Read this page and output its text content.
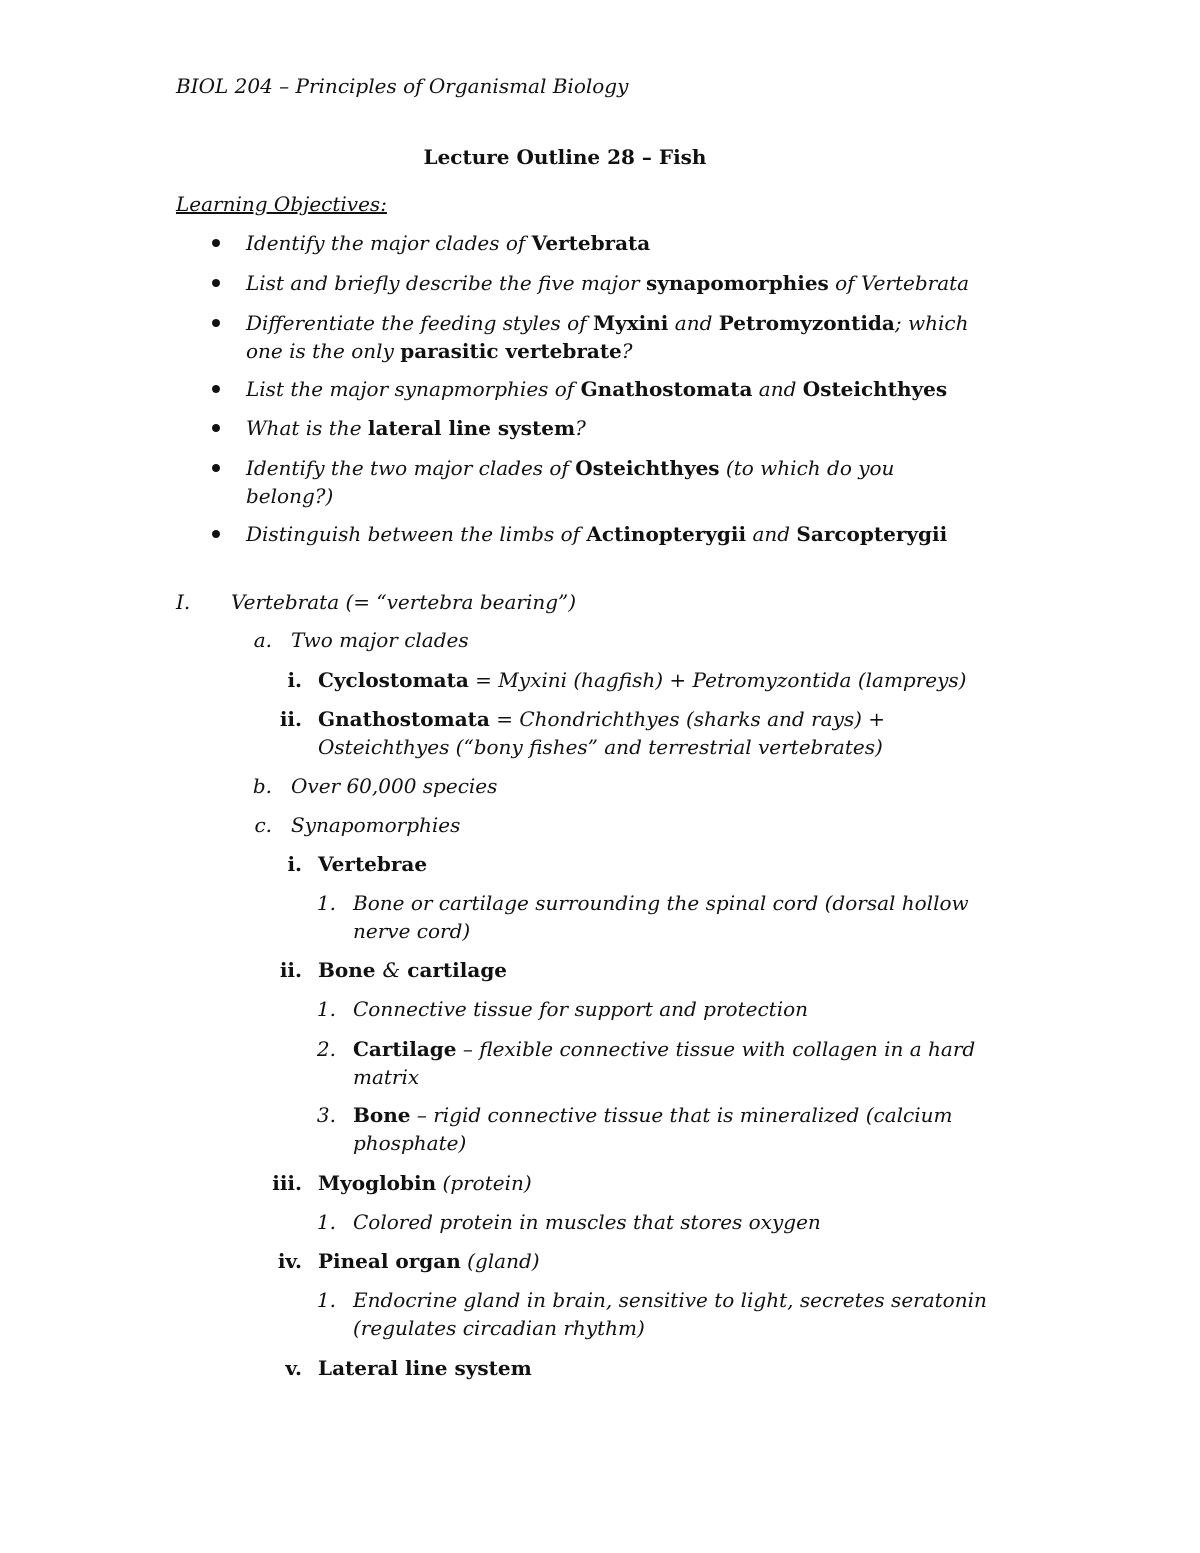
BIOL 204 – Principles of Organismal Biology
Lecture Outline 28 – Fish
Learning Objectives:
Identify the major clades of Vertebrata
List and briefly describe the five major synapomorphies of Vertebrata
Differentiate the feeding styles of Myxini and Petromyzontida; which
one is the only parasitic vertebrate?
List the major synapmorphies of Gnathostomata and Osteichthyes
What is the lateral line system?
Identify the two major clades of Osteichthyes (to which do you
belong?)
Distinguish between the limbs of Actinopterygii and Sarcopterygii
I. Vertebrata (= “vertebra bearing”)
a. Two major clades
i. Cyclostomata = Myxini (hagfish) + Petromyzontida (lampreys)
ii. Gnathostomata = Chondrichthyes (sharks and rays) +
Osteichthyes (“bony fishes” and terrestrial vertebrates)
b. Over 60,000 species
c. Synapomorphies
i. Vertebrae
1. Bone or cartilage surrounding the spinal cord (dorsal hollow
nerve cord)
ii. Bone & cartilage
1. Connective tissue for support and protection
2. Cartilage – flexible connective tissue with collagen in a hard
matrix
3. Bone – rigid connective tissue that is mineralized (calcium
phosphate)
iii. Myoglobin (protein)
1. Colored protein in muscles that stores oxygen
iv. Pineal organ (gland)
1. Endocrine gland in brain, sensitive to light, secretes seratonin
(regulates circadian rhythm)
v. Lateral line system
